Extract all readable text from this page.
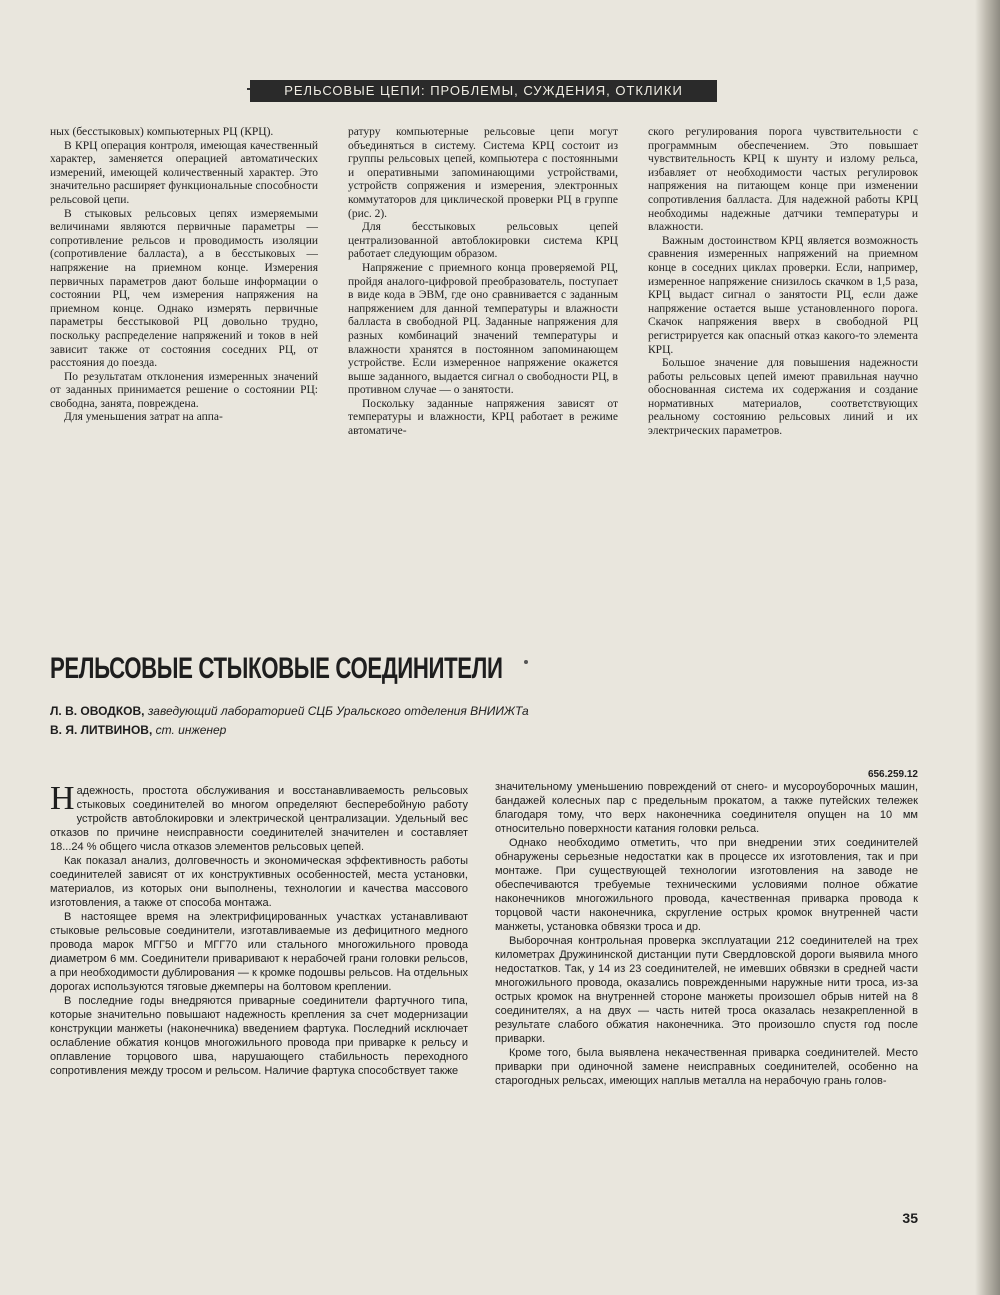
РЕЛЬСОВЫЕ ЦЕПИ: ПРОБЛЕМЫ, СУЖДЕНИЯ, ОТКЛИКИ

ных (бесстыковых) компьютерных РЦ (КРЦ).

В КРЦ операция контроля, имеющая качественный характер, заменяется операцией автоматических измерений, имеющей количественный характер. Это значительно расширяет функциональные способности рельсовой цепи.

В стыковых рельсовых цепях измеряемыми величинами являются первичные параметры — сопротивление рельсов и проводимость изоляции (сопротивление балласта), а в бесстыковых — напряжение на приемном конце. Измерения первичных параметров дают больше информации о состоянии РЦ, чем измерения напряжения на приемном конце. Однако измерять первичные параметры бесстыковой РЦ довольно трудно, поскольку распределение напряжений и токов в ней зависит также от состояния соседних РЦ, от расстояния до поезда.

По результатам отклонения измеренных значений от заданных принимается решение о состоянии РЦ: свободна, занята, повреждена.

Для уменьшения затрат на аппа-

ратуру компьютерные рельсовые цепи могут объединяться в систему. Система КРЦ состоит из группы рельсовых цепей, компьютера с постоянными и оперативными запоминающими устройствами, устройств сопряжения и измерения, электронных коммутаторов для циклической проверки РЦ в группе (рис. 2).

Для бесстыковых рельсовых цепей централизованной автоблокировки система КРЦ работает следующим образом.

Напряжение с приемного конца проверяемой РЦ, пройдя аналого-цифровой преобразователь, поступает в виде кода в ЭВМ, где оно сравнивается с заданным напряжением для данной температуры и влажности балласта в свободной РЦ. Заданные напряжения для разных комбинаций значений температуры и влажности хранятся в постоянном запоминающем устройстве. Если измеренное напряжение окажется выше заданного, выдается сигнал о свободности РЦ, в противном случае — о занятости.

Поскольку заданные напряжения зависят от температуры и влажности, КРЦ работает в режиме автоматиче-

ского регулирования порога чувствительности с программным обеспечением. Это повышает чувствительность КРЦ к шунту и излому рельса, избавляет от необходимости частых регулировок напряжения на питающем конце при изменении сопротивления балласта. Для надежной работы КРЦ необходимы надежные датчики температуры и влажности.

Важным достоинством КРЦ является возможность сравнения измеренных напряжений на приемном конце в соседних циклах проверки. Если, например, измеренное напряжение снизилось скачком в 1,5 раза, КРЦ выдаст сигнал о занятости РЦ, если даже напряжение остается выше установленного порога. Скачок напряжения вверх в свободной РЦ регистрируется как опасный отказ какого-то элемента КРЦ.

Большое значение для повышения надежности работы рельсовых цепей имеют правильная научно обоснованная система их содержания и создание нормативных материалов, соответствующих реальному состоянию рельсовых линий и их электрических параметров.

РЕЛЬСОВЫЕ СТЫКОВЫЕ СОЕДИНИТЕЛИ
Л. В. ОВОДКОВ, заведующий лабораторией СЦБ Уральского отделения ВНИИЖТа
В. Я. ЛИТВИНОВ, ст. инженер
656.259.12

Надежность, простота обслуживания и восстанавливаемость рельсовых стыковых соединителей во многом определяют бесперебойную работу устройств автоблокировки и электрической централизации. Удельный вес отказов по причине неисправности соединителей значителен и составляет 18...24 % общего числа отказов элементов рельсовых цепей.

Как показал анализ, долговечность и экономическая эффективность работы соединителей зависят от их конструктивных особенностей, места установки, материалов, из которых они выполнены, технологии и качества массового изготовления, а также от способа монтажа.

В настоящее время на электрифицированных участках устанавливают стыковые рельсовые соединители, изготавливаемые из дефицитного медного провода марок МГГ50 и МГГ70 или стального многожильного провода диаметром 6 мм. Соединители приваривают к нерабочей грани головки рельсов, а при необходимости дублирования — к кромке подошвы рельсов. На отдельных дорогах используются тяговые джемперы на болтовом креплении.

В последние годы внедряются приварные соединители фартучного типа, которые значительно повышают надежность крепления за счет модернизации конструкции манжеты (наконечника) введением фартука. Последний исключает ослабление обжатия концов многожильного провода при приварке к рельсу и оплавление торцового шва, нарушающего стабильность переходного сопротивления между тросом и рельсом. Наличие фартука способствует также

значительному уменьшению повреждений от снего- и мусороуборочных машин, бандажей колесных пар с предельным прокатом, а также путейских тележек благодаря тому, что верх наконечника соединителя опущен на 10 мм относительно поверхности катания головки рельса.

Однако необходимо отметить, что при внедрении этих соединителей обнаружены серьезные недостатки как в процессе их изготовления, так и при монтаже. При существующей технологии изготовления на заводе не обеспечиваются требуемые техническими условиями полное обжатие наконечников многожильного провода, качественная приварка провода к торцовой части наконечника, скругление острых кромок внутренней части манжеты, установка обвязки троса и др.

Выборочная контрольная проверка эксплуатации 212 соединителей на трех километрах Дружининской дистанции пути Свердловской дороги выявила много недостатков. Так, у 14 из 23 соединителей, не имевших обвязки в средней части многожильного провода, оказались поврежденными наружные нити троса, из-за острых кромок на внутренней стороне манжеты произошел обрыв нитей на 8 соединителях, а на двух — часть нитей троса оказалась незакрепленной в результате слабого обжатия наконечника. Это произошло спустя год после приварки.

Кроме того, была выявлена некачественная приварка соединителей. Место приварки при одиночной замене неисправных соединителей, особенно на старогодных рельсах, имеющих наплыв металла на нерабочую грань голов-

35
